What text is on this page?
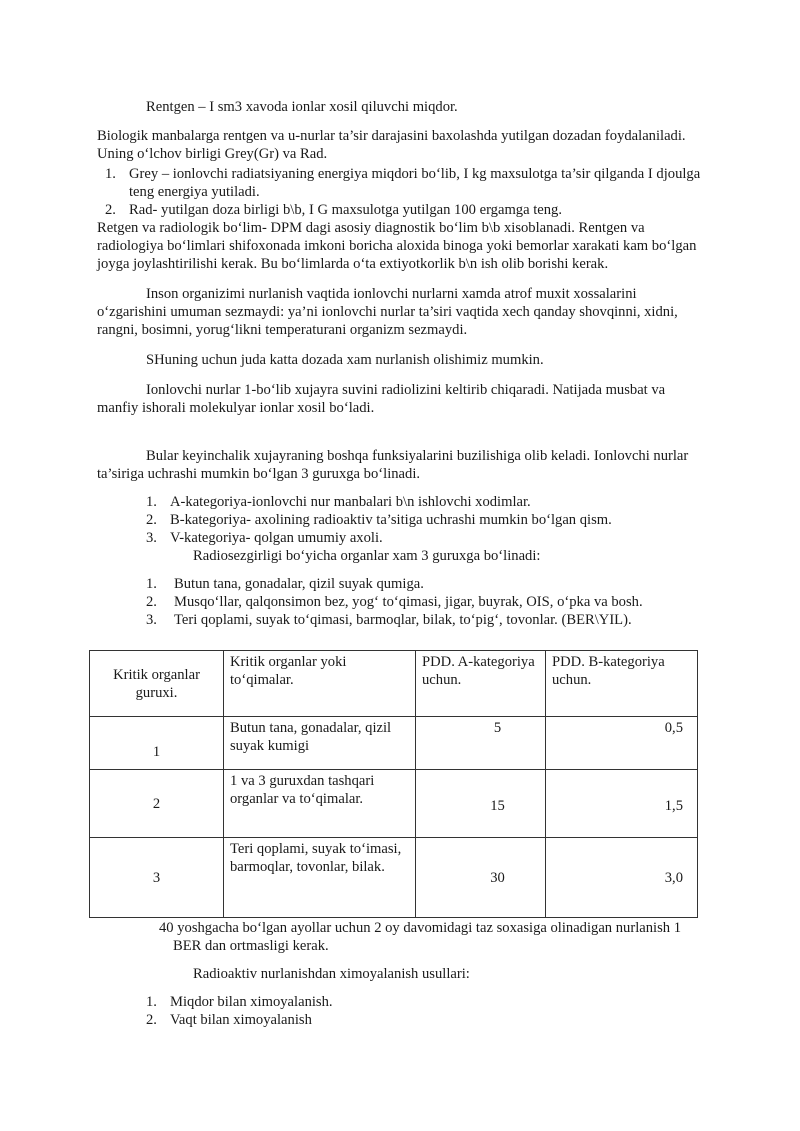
Rentgen – I sm3 xavoda ionlar xosil qiluvchi miqdor.

Biologik manbalarga rentgen va u-nurlar ta’sir darajasini baxolashda yutilgan dozadan foydalaniladi. Uning o‘lchov birligi Grey(Gr) va Rad.

1. Grey – ionlovchi radiatsiyaning energiya miqdori bo‘lib, I kg maxsulotga ta’sir qilganda I djoulga teng energiya yutiladi.
2. Rad- yutilgan doza birligi b\b, I G maxsulotga yutilgan 100 ergamga teng.

Retgen va radiologik bo‘lim- DPM dagi asosiy diagnostik bo‘lim b\b xisoblanadi. Rentgen va radiologiya bo‘limlari shifoxonada imkoni boricha aloxida binoga yoki bemorlar xarakati kam bo‘lgan joyga joylashtirilishi kerak. Bu bo‘limlarda o‘ta extiyotkorlik b\n ish olib borishi kerak.

Inson organizimi nurlanish vaqtida ionlovchi nurlarni xamda atrof muxit xossalarini o‘zgarishini umuman sezmaydi: ya’ni ionlovchi nurlar ta’siri vaqtida xech qanday shovqinni, xidni, rangni, bosimni, yorug‘likni temperaturani organizm sezmaydi.

SHuning uchun juda katta dozada xam nurlanish olishimiz mumkin.

Ionlovchi nurlar 1-bo‘lib xujayra suvini radiolizini keltirib chiqaradi. Natijada musbat va manfiy ishorali molekulyar ionlar xosil bo‘ladi.

Bular keyinchalik xujayraning boshqa funksiyalarini buzilishiga olib keladi. Ionlovchi nurlar ta’siriga uchrashi mumkin bo‘lgan 3 guruxga bo‘linadi.

1. A-kategoriya-ionlovchi nur manbalari b\n ishlovchi xodimlar.
2. B-kategoriya- axolining radioaktiv ta’sitiga uchrashi mumkin bo‘lgan qism.
3. V-kategoriya- qolgan umumiy axoli.

Radiosezgirligi bo‘yicha organlar xam 3 guruxga bo‘linadi:

1. Butun tana, gonadalar, qizil suyak qumiga.
2. Musqo‘llar, qalqonsimon bez, yog‘ to‘qimasi, jigar, buyrak, OIS, o‘pka va bosh.
3. Teri qoplami, suyak to‘qimasi, barmoqlar, bilak, to‘pig‘, tovonlar. (BER\YIL).
Kritik organlar guruxi.	Kritik organlar yoki to‘qimalar.	PDD. A-kategoriya uchun.	PDD. B-kategoriya uchun.
1	Butun tana, gonadalar, qizil suyak kumigi	5	0,5
2	1 va 3 guruxdan tashqari organlar va to‘qimalar.	15	1,5
3	Teri qoplami, suyak to‘imasi, barmoqlar, tovonlar, bilak.	30	3,0

40 yoshgacha bo‘lgan ayollar uchun 2 oy davomidagi taz soxasiga olinadigan nurlanish 1 BER dan ortmasligi kerak.

Radioaktiv nurlanishdan ximoyalanish usullari:

1. Miqdor bilan ximoyalanish.
2. Vaqt bilan ximoyalanish
